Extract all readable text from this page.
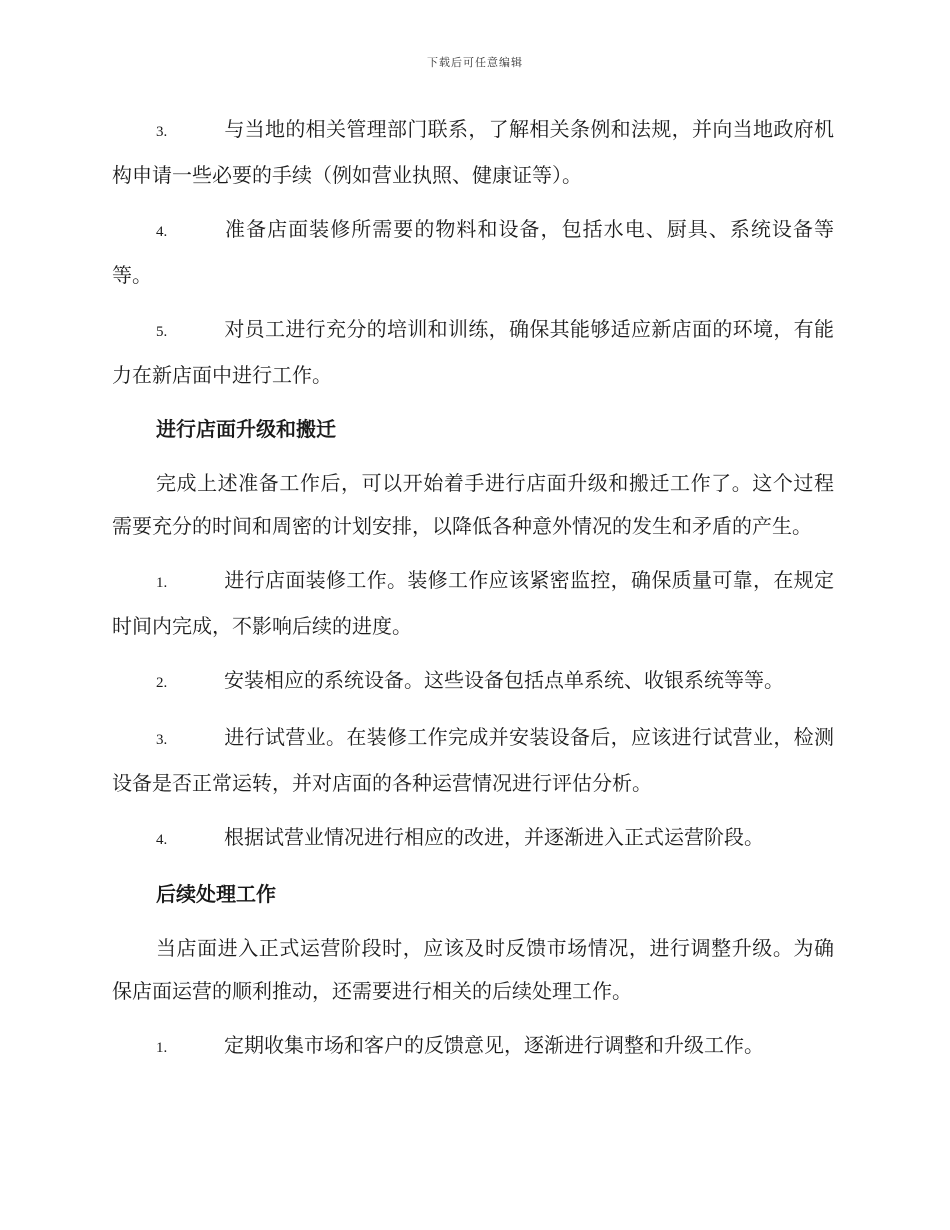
下载后可任意编辑
3.	与当地的相关管理部门联系，了解相关条例和法规，并向当地政府机构申请一些必要的手续（例如营业执照、健康证等）。
4.	准备店面装修所需要的物料和设备，包括水电、厨具、系统设备等等。
5.	对员工进行充分的培训和训练，确保其能够适应新店面的环境，有能力在新店面中进行工作。
进行店面升级和搬迁
完成上述准备工作后，可以开始着手进行店面升级和搬迁工作了。这个过程需要充分的时间和周密的计划安排，以降低各种意外情况的发生和矛盾的产生。
1.	进行店面装修工作。装修工作应该紧密监控，确保质量可靠，在规定时间内完成，不影响后续的进度。
2.	安装相应的系统设备。这些设备包括点单系统、收银系统等等。
3.	进行试营业。在装修工作完成并安装设备后，应该进行试营业，检测设备是否正常运转，并对店面的各种运营情况进行评估分析。
4.	根据试营业情况进行相应的改进，并逐渐进入正式运营阶段。
后续处理工作
当店面进入正式运营阶段时，应该及时反馈市场情况，进行调整升级。为确保店面运营的顺利推动，还需要进行相关的后续处理工作。
1.	定期收集市场和客户的反馈意见，逐渐进行调整和升级工作。
